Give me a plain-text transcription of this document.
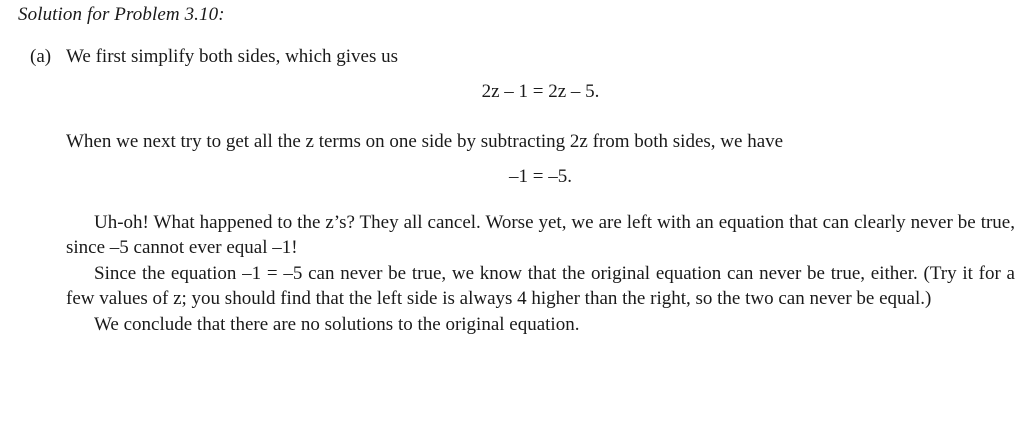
Solution for Problem 3.10:
(a) We first simplify both sides, which gives us

2z – 1 = 2z – 5.

When we next try to get all the z terms on one side by subtracting 2z from both sides, we have

–1 = –5.

Uh-oh! What happened to the z’s? They all cancel. Worse yet, we are left with an equation that can clearly never be true, since –5 cannot ever equal –1!

Since the equation –1 = –5 can never be true, we know that the original equation can never be true, either. (Try it for a few values of z; you should find that the left side is always 4 higher than the right, so the two can never be equal.)

We conclude that there are no solutions to the original equation.
